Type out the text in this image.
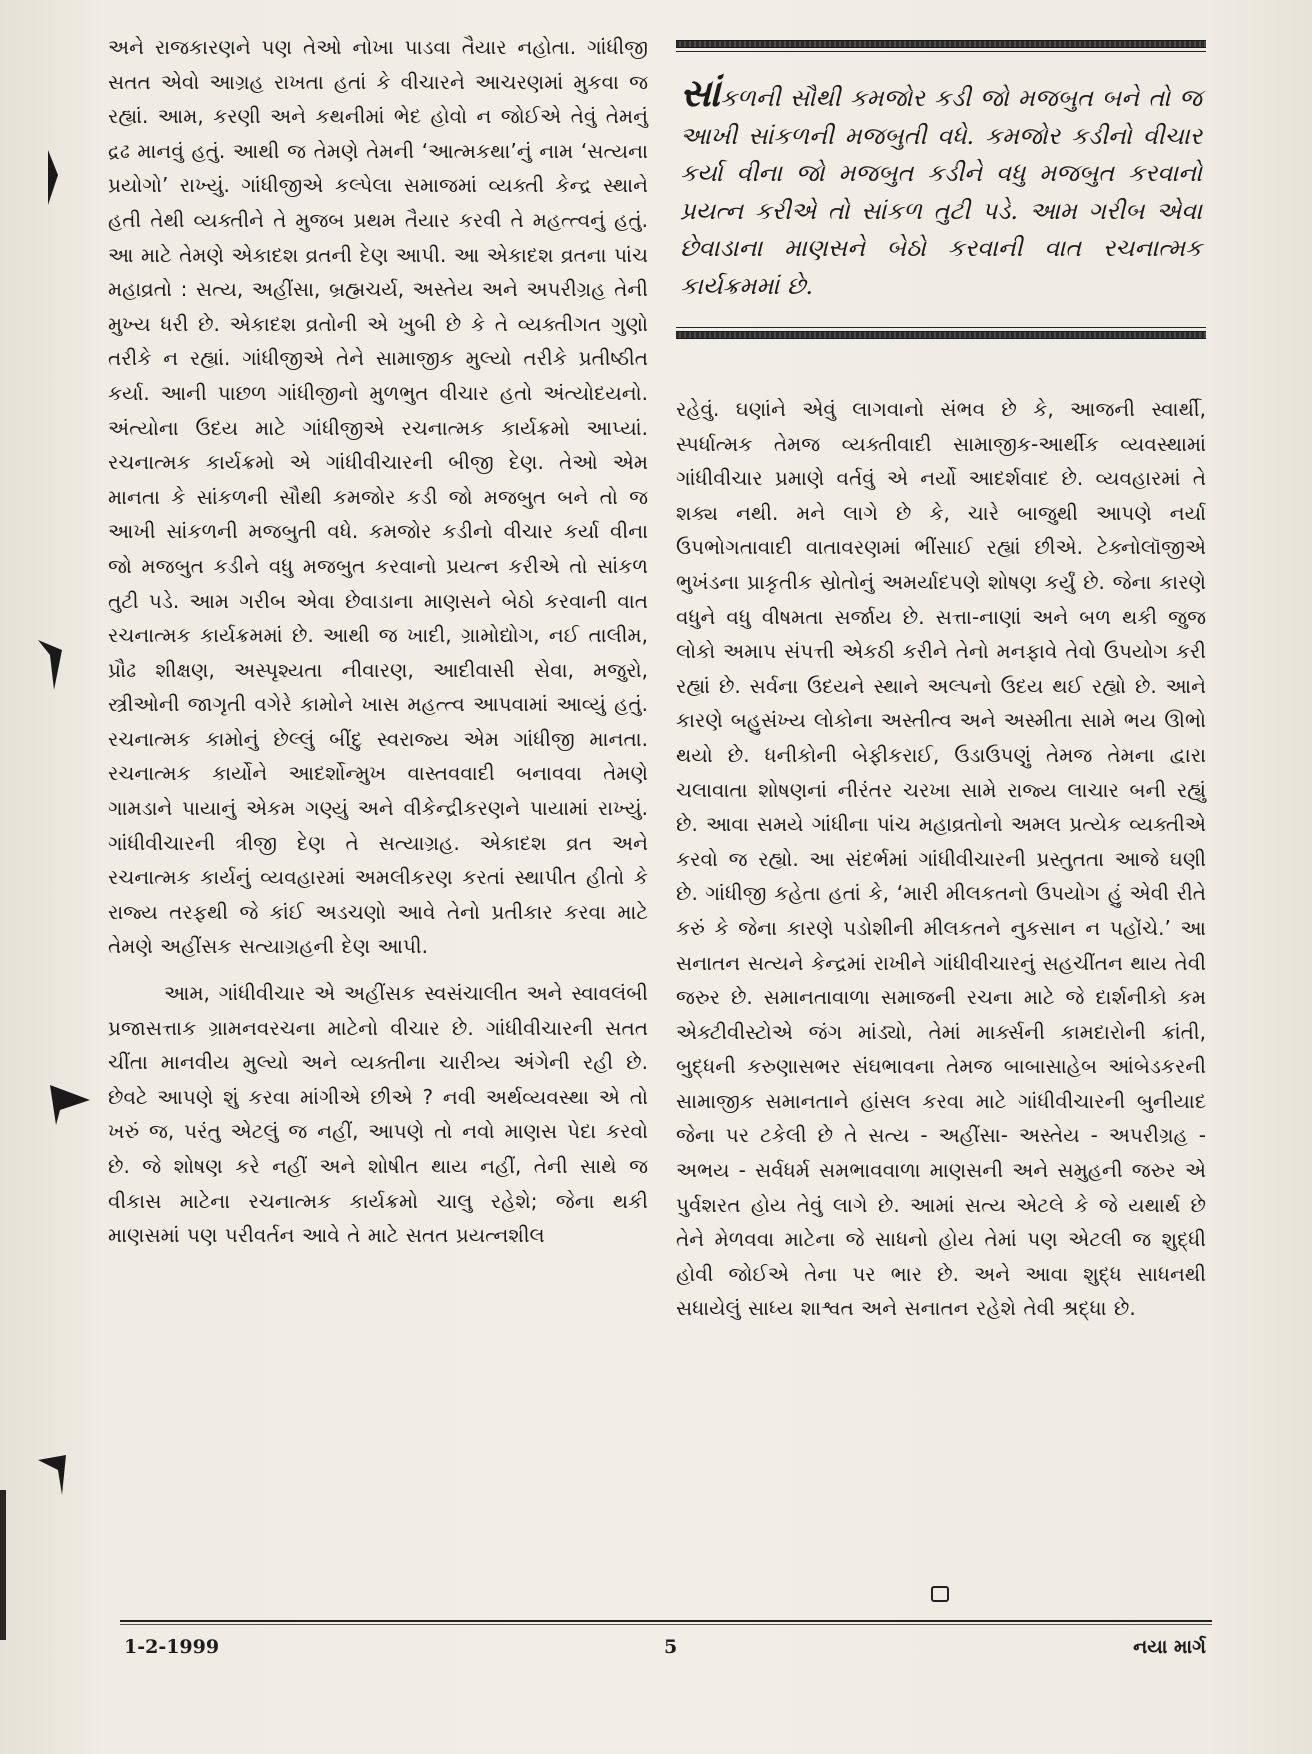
અને રાજકારણને પણ તેઓ નોખા પાડવા તૈયાર નહોતા. ગાંધીજી સતત એવો આગ્રહ રાખતા હતાં કે વીચારને આચરણમાં મુકવા જ રહ્યાં. આમ, કરણી અને કથનીમાં ભેદ હોવો ન જોઈએ તેવું તેમનું દ્રઢ માનવું હતું. આથી જ તેમણે તેમની ‘આત્મકથા’નું નામ ‘સત્યના પ્રયોગો’ રાખ્યું. ગાંધીજીએ કલ્પેલા સમાજમાં વ્યક્તી કેન્દ્ર સ્થાને હતી તેથી વ્યક્તીને તે મુજબ પ્રથમ તૈયાર કરવી તે મહત્ત્વનું હતું. આ માટે તેમણે એકાદશ વ્રતની દેણ આપી. આ એકાદશ વ્રતના પાંચ મહાવ્રતો : સત્ય, અહીંસા, બ્રહ્મચર્ય, અસ્તેય અને અપરીગ્રહ તેની મુખ્ય ધરી છે. એકાદશ વ્રતોની એ ખુબી છે કે તે વ્યક્તીગત ગુણો તરીકે ન રહ્યાં. ગાંધીજીએ તેને સામાજીક મુલ્યો તરીકે પ્રતીષ્ઠીત કર્યા. આની પાછળ ગાંધીજીનો મુળભુત વીચાર હતો અંત્યોદયનો. અંત્યોના ઉદય માટે ગાંધીજીએ રચનાત્મક કાર્યક્રમો આપ્યાં. રચનાત્મક કાર્યક્રમો એ ગાંધીવીચારની બીજી દેણ. તેઓ એમ માનતા કે સાંકળની સૌથી કમજોર કડી જો મજબુત બને તો જ આખી સાંકળની મજબુતી વધે. કમજોર કડીનો વીચાર કર્યા વીના જો મજબુત કડીને વધુ મજબુત કરવાનો પ્રયત્ન કરીએ તો સાંકળ તુટી પડે. આમ ગરીબ એવા છેવાડાના માણસને બેઠો કરવાની વાત રચનાત્મક કાર્યક્રમમાં છે. આથી જ ખાદી, ગ્રામોદ્યોગ, નઈ તાલીમ, પ્રૌઢ શીક્ષણ, અસ્પૃશ્યતા નીવારણ, આદીવાસી સેવા, મજુરો, સ્ત્રીઓની જાગૃતી વગેરે કામોને ખાસ મહત્ત્વ આપવામાં આવ્યું હતું. રચનાત્મક કામોનું છેલ્લું બીંદુ સ્વરાજ્ય એમ ગાંધીજી માનતા. રચનાત્મક કાર્યોને આદર્શોન્મુખ વાસ્તવવાદી બનાવવા તેમણે ગામડાને પાયાનું એકમ ગણ્યું અને વીકેન્દ્રીકરણને પાયામાં રાખ્યું. ગાંધીવીચારની ત્રીજી દેણ તે સત્યાગ્રહ. એકાદશ વ્રત અને રચનાત્મક કાર્યનું વ્યવહારમાં અમલીકરણ કરતાં સ્થાપીત હીતો કે રાજ્ય તરફથી જે કાંઈ અડચણો આવે તેનો પ્રતીકાર કરવા માટે તેમણે અહીંસક સત્યાગ્રહની દેણ આપી.

આમ, ગાંધીવીચાર એ અહીંસક સ્વસંચાલીત અને સ્વાવલંબી પ્રજાસત્તાક ગ્રામનવરચના માટેનો વીચાર છે. ગાંધીવીચારની સતત ચીંતા માનવીય મુલ્યો અને વ્યક્તીના ચારીત્ર્ય અંગેની રહી છે. છેવટે આપણે શું કરવા માંગીએ છીએ ? નવી અર્થવ્યવસ્થા એ તો ખરું જ, પરંતુ એટલું જ નહીં, આપણે તો નવો માણસ પેદા કરવો છે. જે શોષણ કરે નહીં અને શોષીત થાય નહીં, તેની સાથે જ વીકાસ માટેના રચનાત્મક કાર્યક્રમો ચાલુ રહેશે; જેના થકી માણસમાં પણ પરીવર્તન આવે તે માટે સતત પ્રયત્નશીલ

સાંકળની સૌથી કમજોર કડી જો મજબુત બને તો જ આખી સાંકળની મજબુતી વધે. કમજોર કડીનો વીચાર કર્યા વીના જો મજબુત કડીને વધુ મજબુત કરવાનો પ્રયત્ન કરીએ તો સાંકળ તુટી પડે. આમ ગરીબ એવા છેવાડાના માણસને બેઠો કરવાની વાત રચનાત્મક કાર્યક્રમમાં છે.

રહેવું. ઘણાંને એવું લાગવાનો સંભવ છે કે, આજની સ્વાર્થી, સ્પર્ધાત્મક તેમજ વ્યક્તીવાદી સામાજીક-આર્થીક વ્યવસ્થામાં ગાંધીવીચાર પ્રમાણે વર્તવું એ નર્યો આદર્શવાદ છે. વ્યવહારમાં તે શક્ય નથી. મને લાગે છે કે, ચારે બાજુથી આપણે નર્યા ઉપભોગતાવાદી વાતાવરણમાં ભીંસાઈ રહ્યાં છીએ. ટેક્નોલૉજીએ ભુખંડના પ્રાકૃતીક સ્રોતોનું અમર્યાદપણે શોષણ કર્યું છે. જેના કારણે વધુને વધુ વીષમતા સર્જાય છે. સત્તા-નાણાં અને બળ થકી જુજ લોકો અમાપ સંપત્તી એકઠી કરીને તેનો મનફાવે તેવો ઉપયોગ કરી રહ્યાં છે. સર્વના ઉદયને સ્થાને અલ્પનો ઉદય થઈ રહ્યો છે. આને કારણે બહુસંખ્ય લોકોના અસ્તીત્વ અને અસ્મીતા સામે ભય ઊભો થયો છે. ધનીકોની બેફીકરાઈ, ઉડાઉપણું તેમજ તેમના દ્વારા ચલાવાતા શોષણનાં નીરંતર ચરખા સામે રાજ્ય લાચાર બની રહ્યું છે. આવા સમયે ગાંધીના પાંચ મહાવ્રતોનો અમલ પ્રત્યેક વ્યક્તીએ કરવો જ રહ્યો. આ સંદર્ભમાં ગાંધીવીચારની પ્રસ્તુતતા આજે ઘણી છે. ગાંધીજી કહેતા હતાં કે, ‘મારી મીલકતનો ઉપયોગ હું એવી રીતે કરું કે જેના કારણે પડોશીની મીલકતને નુકસાન ન પહોંચે.’ આ સનાતન સત્યને કેન્દ્રમાં રાખીને ગાંધીવીચારનું સહચીંતન થાય તેવી જરુર છે. સમાનતાવાળા સમાજની રચના માટે જે દાર્શનીકો કમ એક્ટીવીસ્ટોએ જંગ માંડ્યો, તેમાં માર્ક્સની કામદારોની ક્રાંતી, બુદ્ધની કરુણાસભર સંઘભાવના તેમજ બાબાસાહેબ આંબેડકરની સામાજીક સમાનતાને હાંસલ કરવા માટે ગાંધીવીચારની બુનીયાદ જેના પર ટકેલી છે તે સત્ય - અહીંસા- અસ્તેય - અપરીગ્રહ - અભય - સર્વધર્મ સમભાવવાળા માણસની અને સમુહની જરુર એ પુર્વશરત હોય તેવું લાગે છે. આમાં સત્ય એટલે કે જે યથાર્થ છે તેને મેળવવા માટેના જે સાધનો હોય તેમાં પણ એટલી જ શુદ્ધી હોવી જોઈએ તેના પર ભાર છે. અને આવા શુદ્ધ સાધનથી સધાયેલું સાધ્ય શાશ્વત અને સનાતન રહેશે તેવી શ્રદ્ધા છે.

1-2-1999	5	નયા માર્ગ
